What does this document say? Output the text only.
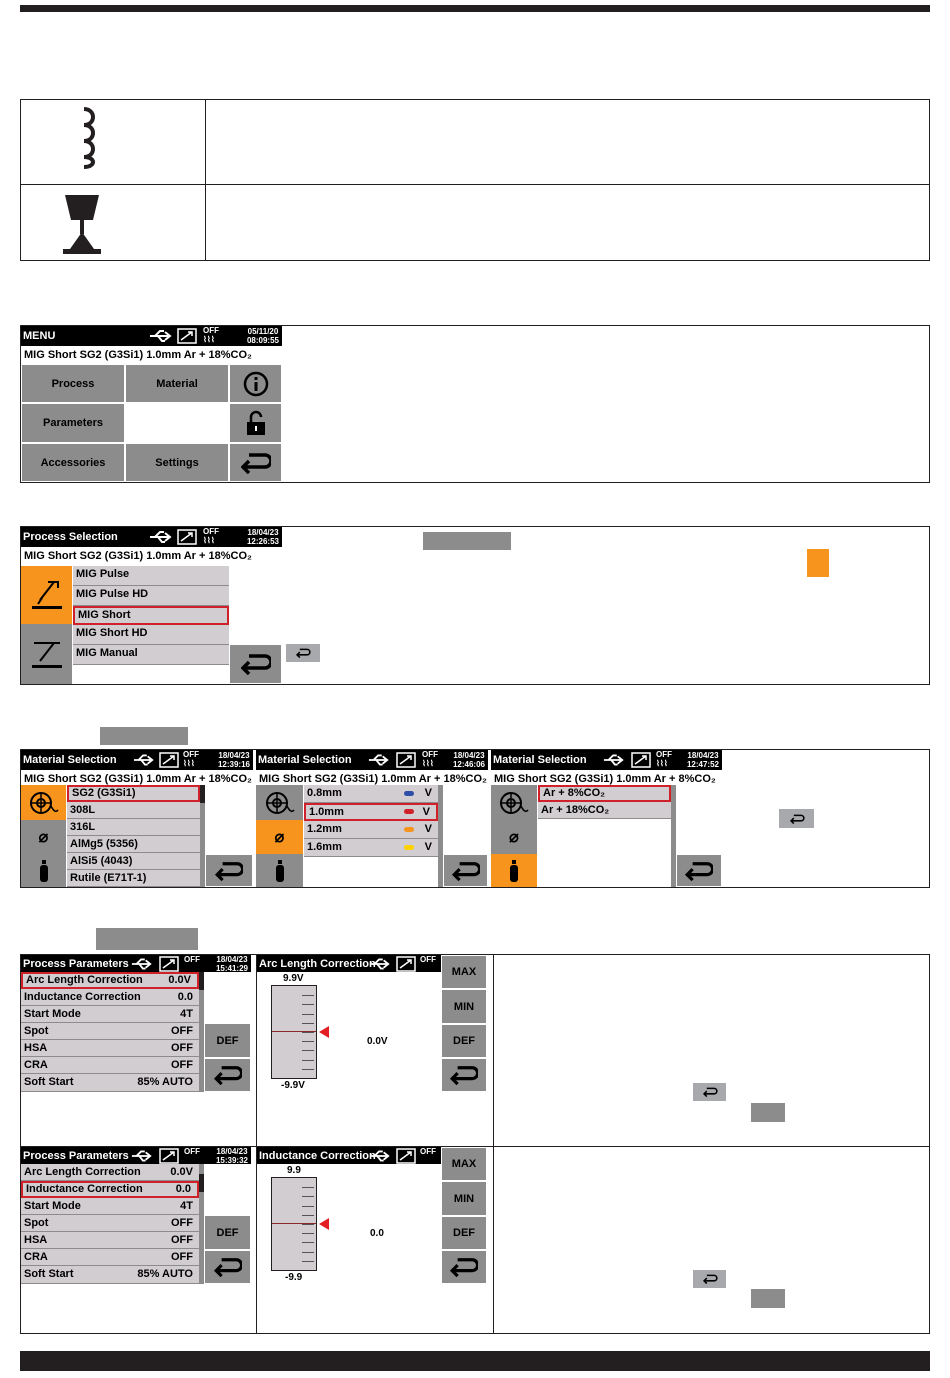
MENU	OFF
⌇⌇⌇
05/11/20
08:09:55
MIG Short SG2 (G3Si1) 1.0mm Ar + 18%CO₂
Process	Material
Parameters
Accessories	Settings
Process Selection	OFF
⌇⌇⌇
18/04/23
12:26:53
MIG Short SG2 (G3Si1) 1.0mm Ar + 18%CO₂
MIG Pulse
MIG Pulse HD
MIG Short
MIG Short HD
MIG Manual
Material Selection	OFF
⌇⌇⌇
18/04/23
12:39:16
MIG Short SG2 (G3Si1) 1.0mm Ar + 18%CO₂
⌀
SG2 (G3Si1)
308L
316L
AlMg5 (5356)
AlSi5 (4043)
Rutile (E71T-1)
Material Selection	OFF
⌇⌇⌇
18/04/23
12:46:06
MIG Short SG2 (G3Si1) 1.0mm Ar + 18%CO₂
⌀
0.8mm	V
1.0mm	V
1.2mm	V
1.6mm	V
Material Selection	OFF
⌇⌇⌇
18/04/23
12:47:52
MIG Short SG2 (G3Si1) 1.0mm Ar + 8%CO₂
⌀
Ar + 8%CO₂
Ar + 18%CO₂
Process Parameters	OFF 18/04/23
15:41:29
Arc Length Correction 0.0V
Inductance Correction	0.0
Start Mode	4T
Spot	OFF
HSA	OFF
CRA	OFF
Soft Start	85% AUTO
DEF
Arc Length Correction	OFF
9.9V
0.0V
-9.9V
MAX
MIN
DEF
Process Parameters	OFF 18/04/23
15:39:32
Arc Length Correction	0.0V
Inductance Correction	0.0
Start Mode	4T
Spot	OFF
HSA	OFF
CRA	OFF
Soft Start	85% AUTO
DEF
Inductance Correction	OFF
9.9
0.0
-9.9
MAX
MIN
DEF
